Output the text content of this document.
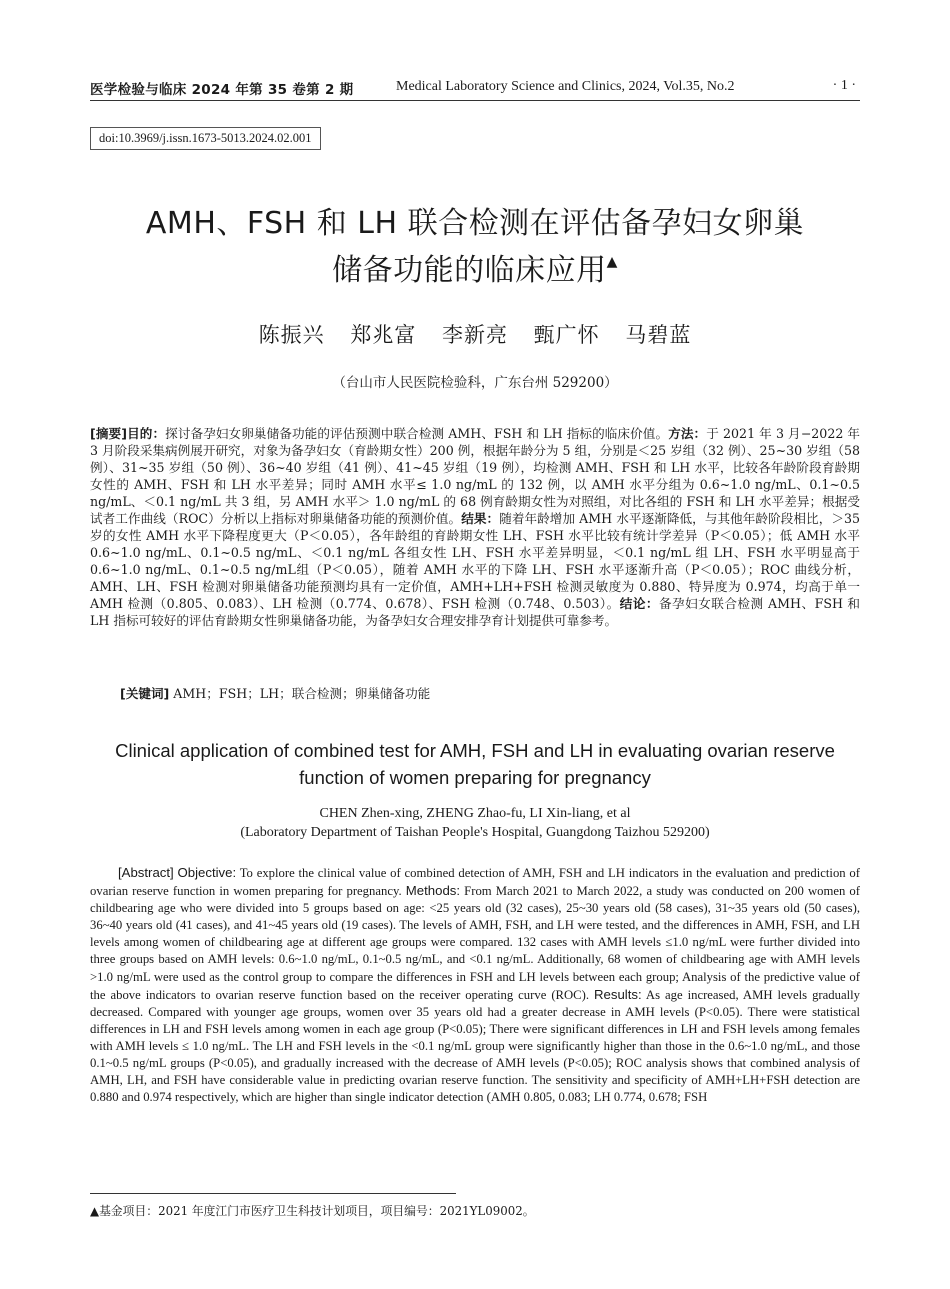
医学检验与临床 2024 年第 35 卷第 2 期	Medical Laboratory Science and Clinics, 2024, Vol.35, No.2	· 1 ·
doi:10.3969/j.issn.1673-5013.2024.02.001
AMH、FSH 和 LH 联合检测在评估备孕妇女卵巢
储备功能的临床应用▲
陈振兴 郑兆富 李新亮 甄广怀 马碧蓝
（台山市人民医院检验科，广东台州 529200）
[摘要]目的：探讨备孕妇女卵巢储备功能的评估预测中联合检测 AMH、FSH 和 LH 指标的临床价值。方法：于 2021 年 3 月−2022 年 3 月阶段采集病例展开研究，对象为备孕妇女（育龄期女性）200 例，根据年龄分为 5 组，分别是＜25 岁组（32 例）、25~30 岁组（58 例）、31~35 岁组（50 例）、36~40 岁组（41 例）、41~45 岁组（19 例），均检测 AMH、FSH 和 LH 水平，比较各年龄阶段育龄期女性的 AMH、FSH 和 LH 水平差异；同时 AMH 水平≤ 1.0 ng/mL 的 132 例，以 AMH 水平分组为 0.6~1.0 ng/mL、0.1~0.5 ng/mL、＜0.1 ng/mL 共 3 组，另 AMH 水平＞ 1.0 ng/mL 的 68 例育龄期女性为对照组，对比各组的 FSH 和 LH 水平差异；根据受试者工作曲线（ROC）分析以上指标对卵巢储备功能的预测价值。结果：随着年龄增加 AMH 水平逐渐降低，与其他年龄阶段相比，＞35 岁的女性 AMH 水平下降程度更大（P＜0.05），各年龄组的育龄期女性 LH、FSH 水平比较有统计学差异（P＜0.05）；低 AMH 水平 0.6~1.0 ng/mL、0.1~0.5 ng/mL、＜0.1 ng/mL 各组女性 LH、FSH 水平差异明显，＜0.1 ng/mL 组 LH、FSH 水平明显高于 0.6~1.0 ng/mL、0.1~0.5 ng/mL组（P＜0.05），随着 AMH 水平的下降 LH、FSH 水平逐渐升高（P＜0.05）；ROC 曲线分析，AMH、LH、FSH 检测对卵巢储备功能预测均具有一定价值，AMH+LH+FSH 检测灵敏度为 0.880、特异度为 0.974，均高于单一 AMH 检测（0.805、0.083）、LH 检测（0.774、0.678）、FSH 检测（0.748、0.503）。结论：备孕妇女联合检测 AMH、FSH 和 LH 指标可较好的评估育龄期女性卵巢储备功能，为备孕妇女合理安排孕育计划提供可靠参考。
[关键词] AMH；FSH；LH；联合检测；卵巢储备功能
Clinical application of combined test for AMH, FSH and LH in evaluating ovarian reserve
function of women preparing for pregnancy
CHEN Zhen-xing, ZHENG Zhao-fu, LI Xin-liang, et al
(Laboratory Department of Taishan People's Hospital, Guangdong Taizhou 529200)
[Abstract] Objective: To explore the clinical value of combined detection of AMH, FSH and LH indicators in the evaluation and prediction of ovarian reserve function in women preparing for pregnancy. Methods: From March 2021 to March 2022, a study was conducted on 200 women of childbearing age who were divided into 5 groups based on age: <25 years old (32 cases), 25~30 years old (58 cases), 31~35 years old (50 cases), 36~40 years old (41 cases), and 41~45 years old (19 cases). The levels of AMH, FSH, and LH were tested, and the differences in AMH, FSH, and LH levels among women of childbearing age at different age groups were compared. 132 cases with AMH levels ≤1.0 ng/mL were further divided into three groups based on AMH levels: 0.6~1.0 ng/mL, 0.1~0.5 ng/mL, and <0.1 ng/mL. Additionally, 68 women of childbearing age with AMH levels >1.0 ng/mL were used as the control group to compare the differences in FSH and LH levels between each group; Analysis of the predictive value of the above indicators to ovarian reserve function based on the receiver operating curve (ROC). Results: As age increased, AMH levels gradually decreased. Compared with younger age groups, women over 35 years old had a greater decrease in AMH levels (P<0.05). There were statistical differences in LH and FSH levels among women in each age group (P<0.05); There were significant differences in LH and FSH levels among females with AMH levels ≤ 1.0 ng/mL. The LH and FSH levels in the <0.1 ng/mL group were significantly higher than those in the 0.6~1.0 ng/mL, and those 0.1~0.5 ng/mL groups (P<0.05), and gradually increased with the decrease of AMH levels (P<0.05); ROC analysis shows that combined analysis of AMH, LH, and FSH have considerable value in predicting ovarian reserve function. The sensitivity and specificity of AMH+LH+FSH detection are 0.880 and 0.974 respectively, which are higher than single indicator detection (AMH 0.805, 0.083; LH 0.774, 0.678; FSH
▲基金项目：2021 年度江门市医疗卫生科技计划项目，项目编号：2021YL09002。
